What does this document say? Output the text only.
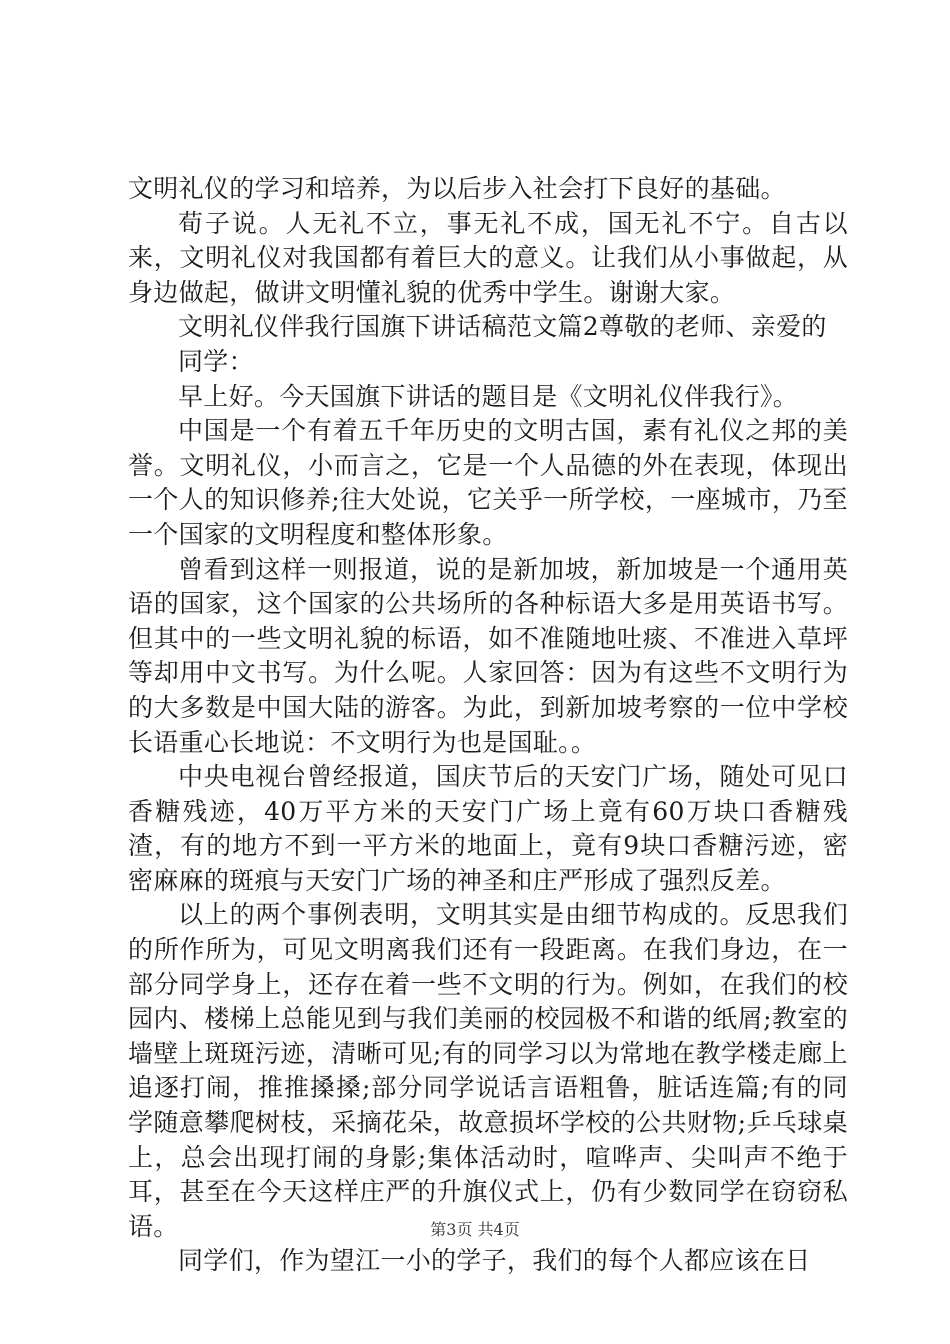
文明礼仪的学习和培养，为以后步入社会打下良好的基础。

荀子说。人无礼不立，事无礼不成，国无礼不宁。自古以来，文明礼仪对我国都有着巨大的意义。让我们从小事做起，从身边做起，做讲文明懂礼貌的优秀中学生。谢谢大家。

文明礼仪伴我行国旗下讲话稿范文篇2尊敬的老师、亲爱的

同学：

早上好。今天国旗下讲话的题目是《文明礼仪伴我行》。

中国是一个有着五千年历史的文明古国，素有礼仪之邦的美誉。文明礼仪，小而言之，它是一个人品德的外在表现，体现出一个人的知识修养;往大处说，它关乎一所学校，一座城市，乃至一个国家的文明程度和整体形象。

曾看到这样一则报道，说的是新加坡，新加坡是一个通用英语的国家，这个国家的公共场所的各种标语大多是用英语书写。但其中的一些文明礼貌的标语，如不准随地吐痰、不准进入草坪等却用中文书写。为什么呢。人家回答：因为有这些不文明行为的大多数是中国大陆的游客。为此，到新加坡考察的一位中学校长语重心长地说：不文明行为也是国耻。。

中央电视台曾经报道，国庆节后的天安门广场，随处可见口香糖残迹，40万平方米的天安门广场上竟有60万块口香糖残渣，有的地方不到一平方米的地面上，竟有9块口香糖污迹，密密麻麻的斑痕与天安门广场的神圣和庄严形成了强烈反差。

以上的两个事例表明，文明其实是由细节构成的。反思我们的所作所为，可见文明离我们还有一段距离。在我们身边，在一部分同学身上，还存在着一些不文明的行为。例如，在我们的校园内、楼梯上总能见到与我们美丽的校园极不和谐的纸屑;教室的墙壁上斑斑污迹，清晰可见;有的同学习以为常地在教学楼走廊上追逐打闹，推推搡搡;部分同学说话言语粗鲁，脏话连篇;有的同学随意攀爬树枝，采摘花朵，故意损坏学校的公共财物;乒乓球桌上，总会出现打闹的身影;集体活动时，喧哗声、尖叫声不绝于耳，甚至在今天这样庄严的升旗仪式上，仍有少数同学在窃窃私语。

同学们，作为望江一小的学子，我们的每个人都应该在日

第3页 共4页
